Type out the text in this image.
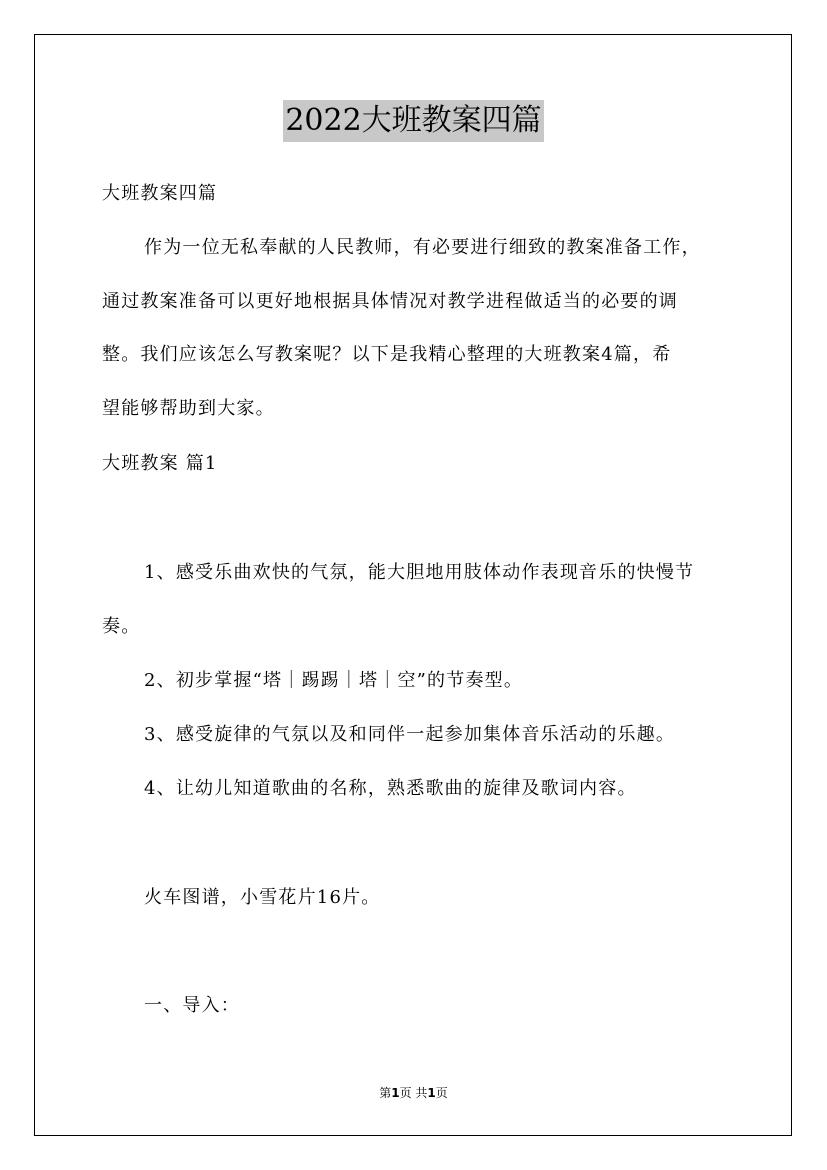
2022大班教案四篇
大班教案四篇
作为一位无私奉献的人民教师，有必要进行细致的教案准备工作，
通过教案准备可以更好地根据具体情况对教学进程做适当的必要的调
整。我们应该怎么写教案呢？以下是我精心整理的大班教案4篇，希
望能够帮助到大家。
大班教案 篇1
1、感受乐曲欢快的气氛，能大胆地用肢体动作表现音乐的快慢节
奏。
2、初步掌握“塔｜踢踢｜塔｜空”的节奏型。
3、感受旋律的气氛以及和同伴一起参加集体音乐活动的乐趣。
4、让幼儿知道歌曲的名称，熟悉歌曲的旋律及歌词内容。
火车图谱，小雪花片16片。
一、导入：
第1页 共1页
